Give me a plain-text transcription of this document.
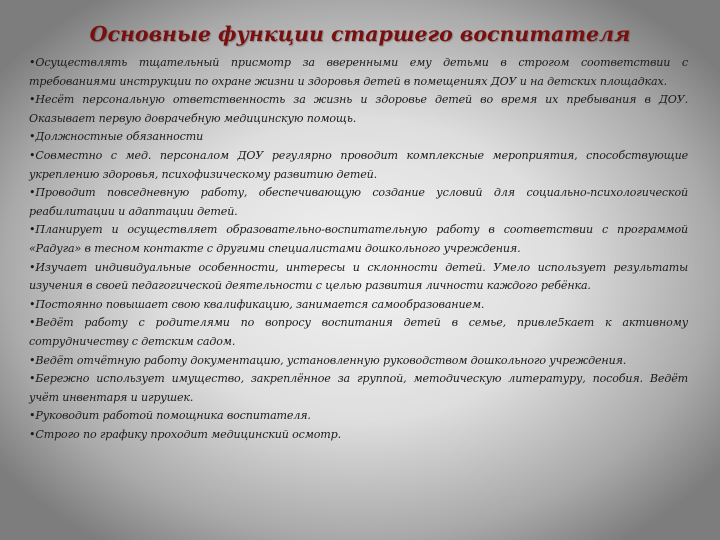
Основные функции старшего воспитателя

•Осуществлять тщательный присмотр за вверенными ему детьми в строгом соответствии с требованиями инструкции по охране жизни и здоровья детей в помещениях ДОУ и на детских площадках.

•Несёт персональную ответственность за жизнь и здоровье детей во время их пребывания в ДОУ. Оказывает первую доврачебную медицинскую помощь.

•Должностные обязанности

•Совместно с мед. персоналом ДОУ регулярно проводит комплексные мероприятия, способствующие укреплению здоровья, психофизическому развитию детей.

•Проводит повседневную работу, обеспечивающую создание условий для социально-психологической реабилитации и адаптации детей.

•Планирует и осуществляет образовательно-воспитательную работу в соответствии с программой «Радуга» в тесном контакте с другими специалистами дошкольного учреждения.

•Изучает индивидуальные особенности, интересы и склонности детей. Умело использует результаты изучения в своей педагогической деятельности с целью развития личности каждого ребёнка.

•Постоянно повышает свою квалификацию, занимается самообразованием.

•Ведёт работу с родителями по вопросу воспитания детей в семье, привле5кает к активному сотрудничеству с детским садом.

•Ведёт отчётную работу документацию, установленную руководством дошкольного учреждения.

•Бережно использует имущество, закреплённое за группой, методическую литературу, пособия. Ведёт учёт инвентаря и игрушек.

•Руководит работой помощника воспитателя.

•Строго по графику проходит медицинский осмотр.
